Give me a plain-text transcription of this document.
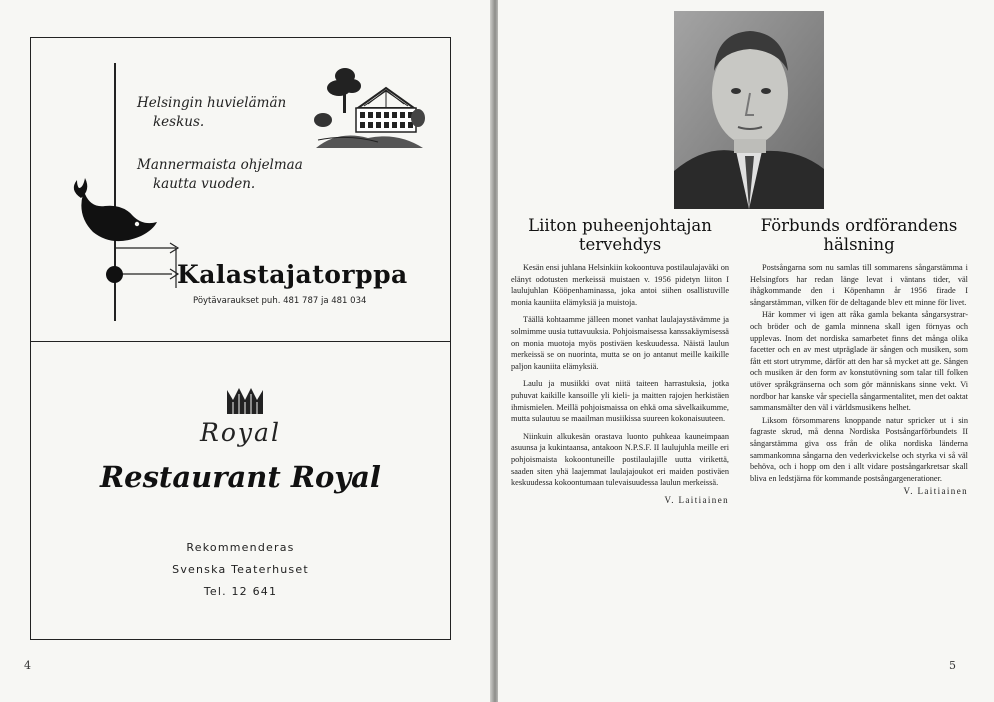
Helsingin huvielämän
keskus.
Mannermaista ohjelmaa
kautta vuoden.
Kalastajatorppa
Pöytävaraukset puh. 481 787 ja 481 034
Royal
Restaurant Royal
Rekommenderas
Svenska Teaterhuset
Tel. 12 641
4
Liiton puheenjohtajan tervehdys

Kesän ensi juhlana Helsinkiin kokoontuva postilaulajaväki on elänyt odotusten merkeissä muistaen v. 1956 pidetyn liiton I laulujuhlan Kööpenhaminassa, joka antoi siihen osallistuville monia kauniita elämyksiä ja muistoja.

Täällä kohtaamme jälleen monet vanhat laulajaystävämme ja solmimme uusia tuttavuuksia. Pohjoismaisessa kanssakäymisessä on monia muotoja myös postiväen keskuudessa. Näistä laulun merkeissä se on nuorinta, mutta se on jo antanut meille kaikille paljon kauniita elämyksiä.

Laulu ja musiikki ovat niitä taiteen harrastuksia, jotka puhuvat kaikille kansoille yli kieli- ja maitten rajojen herkistäen ihmismielen. Meillä pohjoismaissa on ehkä oma sävelkaikumme, mutta sulautuu se maailman musiikissa suureen kokonaisuuteen.

Niinkuin alkukesän orastava luonto puhkeaa kauneimpaan asuunsa ja kukintaansa, antakoon N.P.S.F. II laulujuhla meille eri pohjoismaista kokoontuneille postilaulajille uutta virikettä, saaden siten yhä laajemmat laulajajoukot eri maiden postiväen keskuudessa kokoontumaan tulevaisuudessa laulun merkeissä.

V. Laitiainen
Förbunds ordförandens hälsning

Postsångarna som nu samlas till sommarens sångarstämma i Helsingfors har redan länge levat i väntans tider, väl ihågkommande den i Köpenhamn år 1956 firade I sångarstämman, vilken för de deltagande blev ett minne för livet.

Här kommer vi igen att råka gamla bekanta sångarsystrar- och bröder och de gamla minnena skall igen förnyas och upplevas. Inom det nordiska samarbetet finns det många olika facetter och en av mest utpräglade är sången och musiken, som fått ett stort utrymme, därför att den har så mycket att ge. Sången och musiken är den form av konstutövning som talar till folken utöver språkgränserna och som gör människans sinne vekt. Vi nordbor har kanske vår speciella sångarmentalitet, men det oaktat sammansmälter den väl i världsmusikens helhet.

Liksom försommarens knoppande natur spricker ut i sin fagraste skrud, må denna Nordiska Postsångarförbundets II sångarstämma giva oss från de olika nordiska länderna sammankomna sångarna den vederkvickelse och styrka vi så väl behöva, och i hopp om den i allt vidare postsångarkretsar skall bliva en ledstjärna för kommande postsångargenerationer.

V. Laitiainen
5
